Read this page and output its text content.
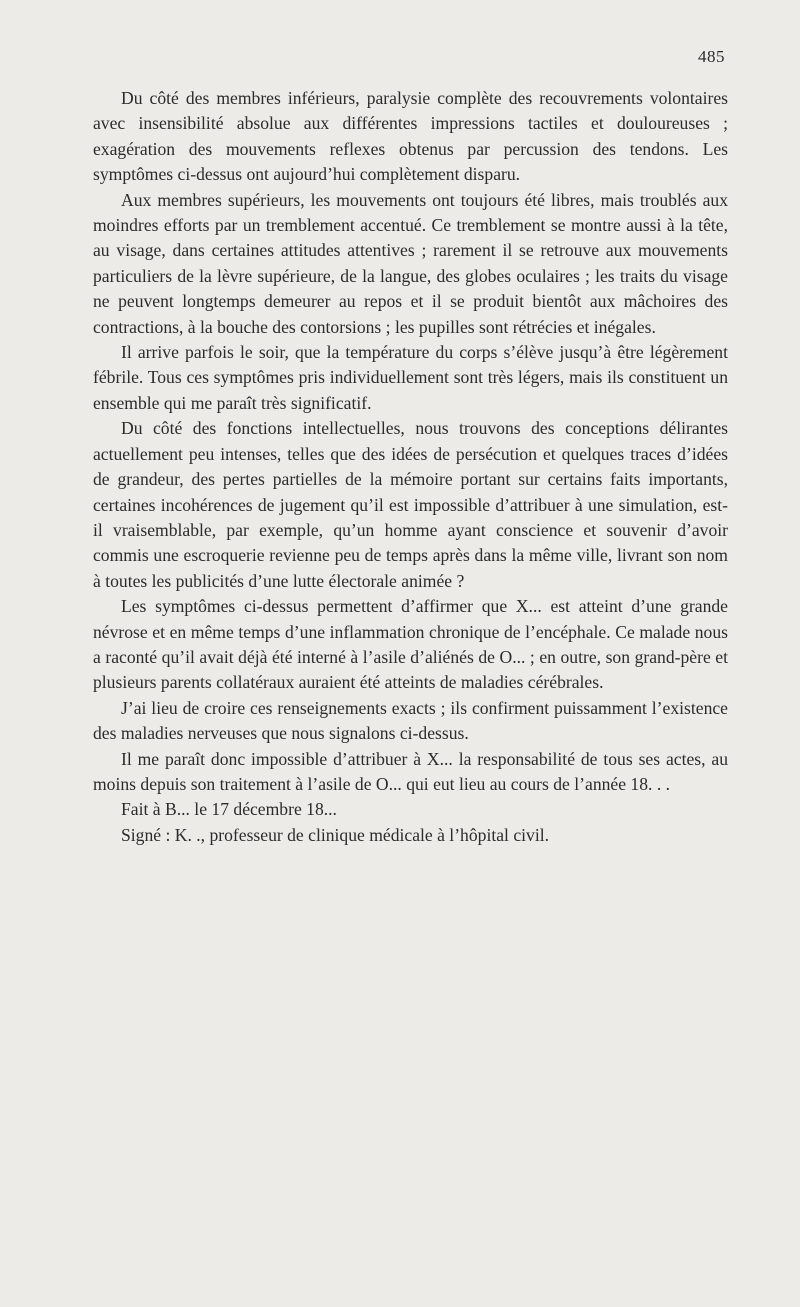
485

Du côté des membres inférieurs, paralysie complète des recouvrements volontaires avec insensibilité absolue aux différentes impressions tactiles et douloureuses ; exagération des mouvements reflexes obtenus par percussion des tendons. Les symptômes ci-dessus ont aujourd’hui complètement disparu.

Aux membres supérieurs, les mouvements ont toujours été libres, mais troublés aux moindres efforts par un tremblement accentué. Ce tremblement se montre aussi à la tête, au visage, dans certaines attitudes attentives ; rarement il se retrouve aux mouvements particuliers de la lèvre supérieure, de la langue, des globes oculaires ; les traits du visage ne peuvent longtemps demeurer au repos et il se produit bientôt aux mâchoires des contractions, à la bouche des contorsions ; les pupilles sont rétrécies et inégales.

Il arrive parfois le soir, que la température du corps s’élève jusqu’à être légèrement fébrile. Tous ces symptômes pris individuellement sont très légers, mais ils constituent un ensemble qui me paraît très significatif.

Du côté des fonctions intellectuelles, nous trouvons des conceptions délirantes actuellement peu intenses, telles que des idées de persécution et quelques traces d’idées de grandeur, des pertes partielles de la mémoire portant sur certains faits importants, certaines incohérences de jugement qu’il est impossible d’attribuer à une simulation, est-il vraisemblable, par exemple, qu’un homme ayant conscience et souvenir d’avoir commis une escroquerie revienne peu de temps après dans la même ville, livrant son nom à toutes les publicités d’une lutte électorale animée ?

Les symptômes ci-dessus permettent d’affirmer que X... est atteint d’une grande névrose et en même temps d’une inflammation chronique de l’encéphale. Ce malade nous a raconté qu’il avait déjà été interné à l’asile d’aliénés de O... ; en outre, son grand-père et plusieurs parents collatéraux auraient été atteints de maladies cérébrales.

J’ai lieu de croire ces renseignements exacts ; ils confirment puissamment l’existence des maladies nerveuses que nous signalons ci-dessus.

Il me paraît donc impossible d’attribuer à X... la responsabilité de tous ses actes, au moins depuis son traitement à l’asile de O... qui eut lieu au cours de l’année 18. . .

Fait à B... le 17 décembre 18...

Signé : K. ., professeur de clinique médicale à l’hôpital civil.
